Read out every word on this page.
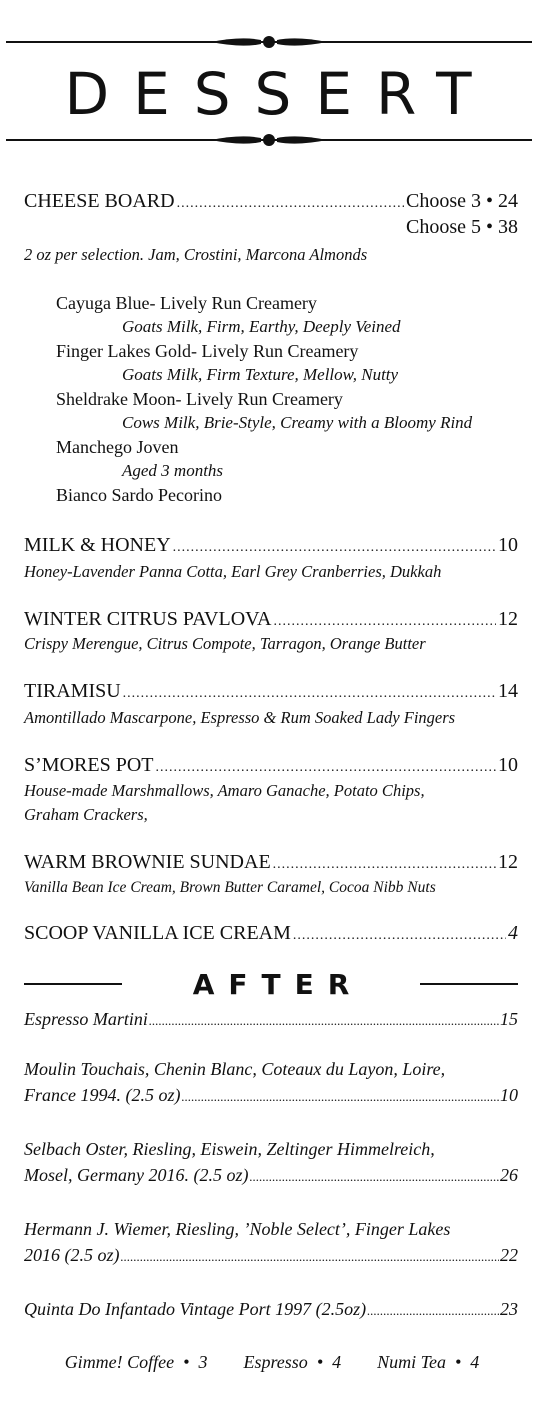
DESSERT
CHEESE BOARD .....	Choose 3 • 24
Choose 5 • 38
2 oz per selection. Jam, Crostini, Marcona Almonds
Cayuga Blue- Lively Run Creamery
Goats Milk, Firm, Earthy, Deeply Veined
Finger Lakes Gold- Lively Run Creamery
Goats Milk, Firm Texture, Mellow, Nutty
Sheldrake Moon- Lively Run Creamery
Cows Milk, Brie-Style, Creamy with a Bloomy Rind
Manchego Joven
Aged 3 months
Bianco Sardo Pecorino
MILK & HONEY .....	10
Honey-Lavender Panna Cotta, Earl Grey Cranberries, Dukkah
WINTER CITRUS PAVLOVA .....	12
Crispy Merengue, Citrus Compote, Tarragon, Orange Butter
TIRAMISU .....	14
Amontillado Mascarpone, Espresso & Rum Soaked Lady Fingers
S’MORES POT .....	10
House-made Marshmallows, Amaro Ganache, Potato Chips,
Graham Crackers,
WARM BROWNIE SUNDAE .....	12
Vanilla Bean Ice Cream, Brown Butter Caramel, Cocoa Nibb Nuts
SCOOP VANILLA ICE CREAM .....	4
AFTER
Espresso Martini .....	15
Moulin Touchais, Chenin Blanc, Coteaux du Layon, Loire,
France 1994. (2.5 oz) .....	10
Selbach Oster, Riesling, Eiswein, Zeltinger Himmelreich,
Mosel, Germany 2016. (2.5 oz) .....	26
Hermann J. Wiemer, Riesling, ’Noble Select’, Finger Lakes
2016 (2.5 oz) .....	22
Quinta Do Infantado Vintage Port 1997 (2.5oz) .....	23
Gimme! Coffee  •  3 Espresso  •  4 Numi Tea  •  4
